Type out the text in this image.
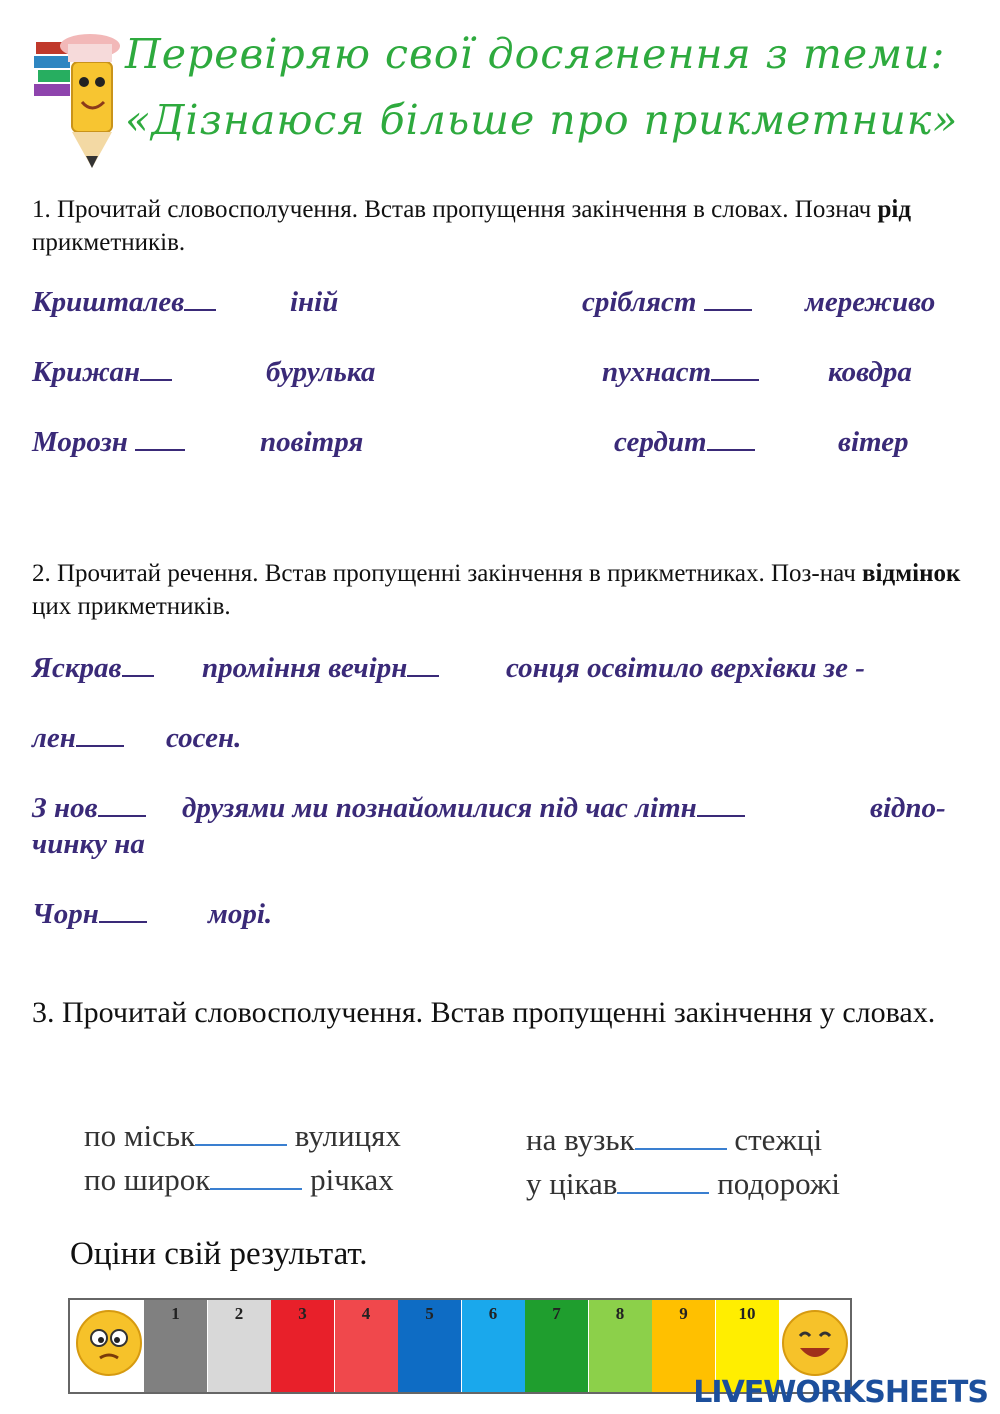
Перевіряю свої досягнення з теми:
«Дізнаюся більше про прикметник»
1. Прочитай словосполучення. Встав пропущення закінчення в словах. Познач рід прикметників.
Кришталев	іній	срібляст	мереживо
Крижан	бурулька	пухнаст	ковдра
Морозн	повітря	сердит	вітер
2. Прочитай речення. Встав пропущенні закінчення в прикметниках. Поз-нач відмінок цих прикметників.
Яскрав	проміння вечірн	сонця освітило верхівки зе -
лен	сосен.
З нов	друзями ми познайомилися під час літн	відпо-
чинку на
Чорн	морі.
3. Прочитай словосполучення. Встав пропущенні закінчення у словах.
по міськ	вулицях	на вузьк	стежці
по широк	річках	у цікав	подорожі
Оціни свій результат.
1	2	3	4	5	6	7	8	9	10
LIVEWORKSHEETS
